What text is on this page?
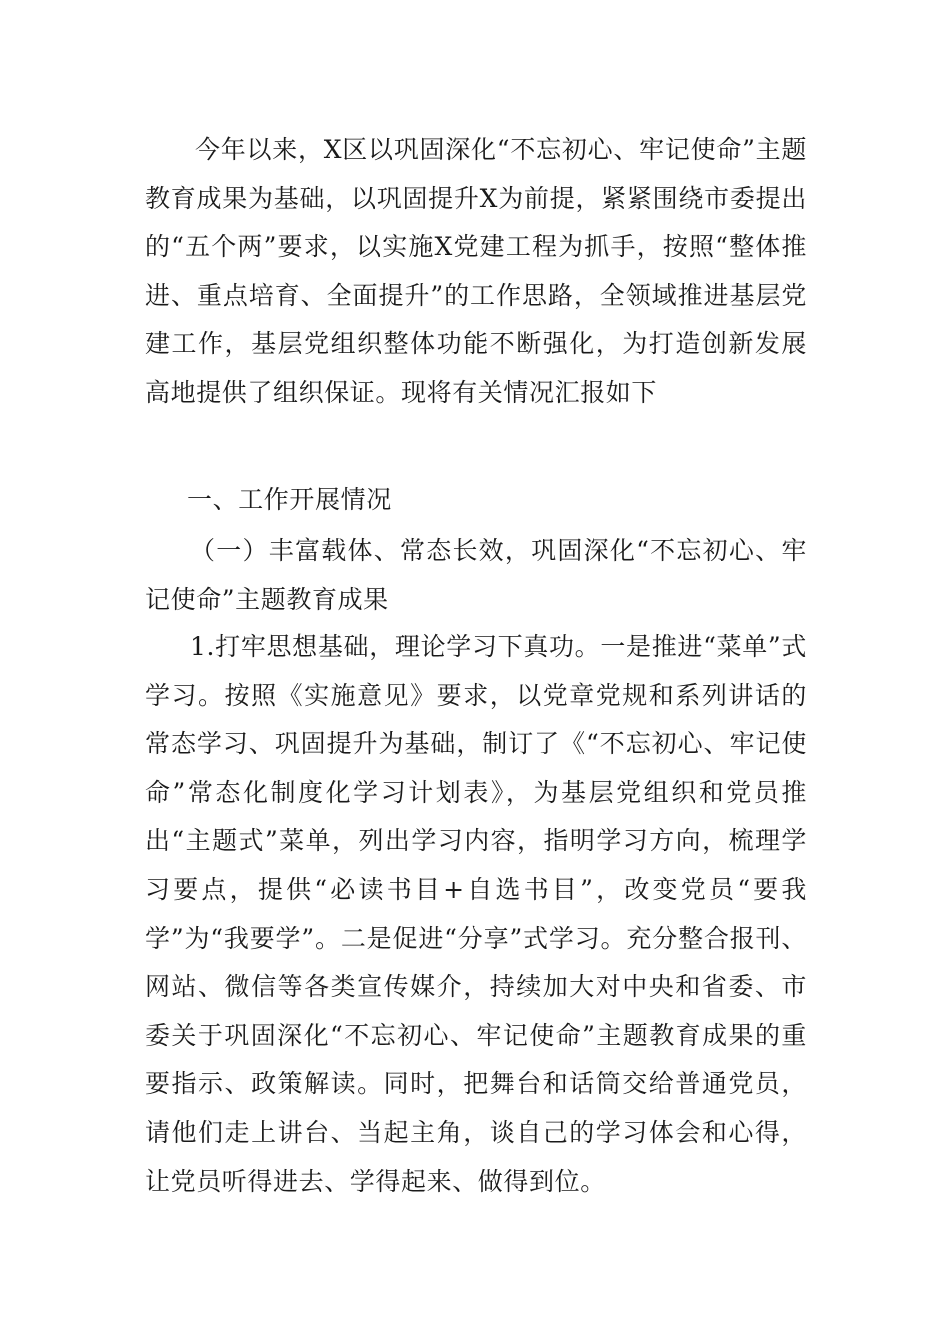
今年以来，X区以巩固深化“不忘初心、牢记使命”主题教育成果为基础，以巩固提升X为前提，紧紧围绕市委提出的“五个两”要求，以实施X党建工程为抓手，按照“整体推进、重点培育、全面提升”的工作思路，全领域推进基层党建工作，基层党组织整体功能不断强化，为打造创新发展高地提供了组织保证。现将有关情况汇报如下

一、工作开展情况

（一）丰富载体、常态长效，巩固深化“不忘初心、牢记使命”主题教育成果

1.打牢思想基础，理论学习下真功。一是推进“菜单”式学习。按照《实施意见》要求，以党章党规和系列讲话的常态学习、巩固提升为基础，制订了《“不忘初心、牢记使命”常态化制度化学习计划表》，为基层党组织和党员推出“主题式”菜单，列出学习内容，指明学习方向，梳理学习要点，提供“必读书目+自选书目”，改变党员“要我学”为“我要学”。二是促进“分享”式学习。充分整合报刊、网站、微信等各类宣传媒介，持续加大对中央和省委、市委关于巩固深化“不忘初心、牢记使命”主题教育成果的重要指示、政策解读。同时，把舞台和话筒交给普通党员，请他们走上讲台、当起主角，谈自己的学习体会和心得，让党员听得进去、学得起来、做得到位。
